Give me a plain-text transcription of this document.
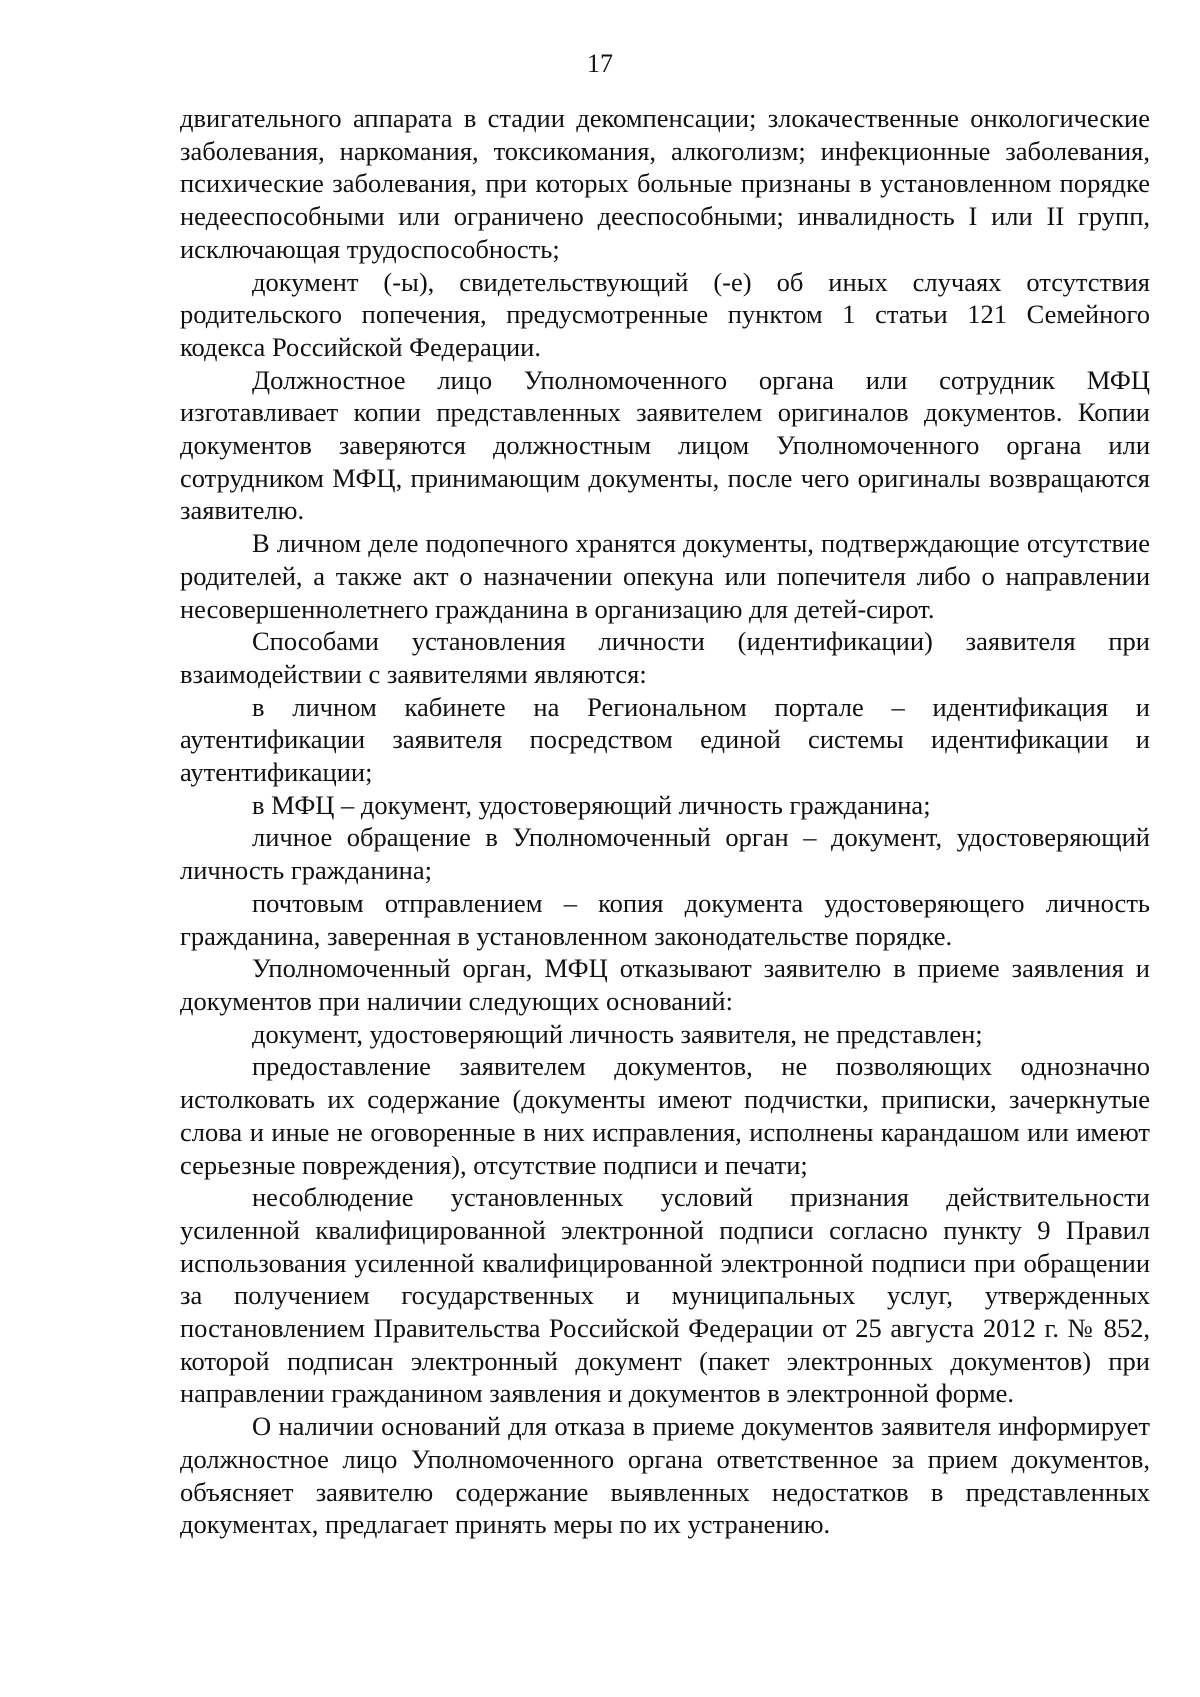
17

двигательного аппарата в стадии декомпенсации; злокачественные онкологические заболевания, наркомания, токсикомания, алкоголизм; инфекционные заболевания, психические заболевания, при которых больные признаны в установленном порядке недееспособными или ограничено дееспособными; инвалидность I или II групп, исключающая трудоспособность;

документ (-ы), свидетельствующий (-е) об иных случаях отсутствия родительского попечения, предусмотренные пунктом 1 статьи 121 Семейного кодекса Российской Федерации.

Должностное лицо Уполномоченного органа или сотрудник МФЦ изготавливает копии представленных заявителем оригиналов документов. Копии документов заверяются должностным лицом Уполномоченного органа или сотрудником МФЦ, принимающим документы, после чего оригиналы возвращаются заявителю.

В личном деле подопечного хранятся документы, подтверждающие отсутствие родителей, а также акт о назначении опекуна или попечителя либо о направлении несовершеннолетнего гражданина в организацию для детей-сирот.

Способами установления личности (идентификации) заявителя при взаимодействии с заявителями являются:

в личном кабинете на Региональном портале – идентификация и аутентификации заявителя посредством единой системы идентификации и аутентификации;

в МФЦ – документ, удостоверяющий личность гражданина;

личное обращение в Уполномоченный орган – документ, удостоверяющий личность гражданина;

почтовым отправлением – копия документа удостоверяющего личность гражданина, заверенная в установленном законодательстве порядке.

Уполномоченный орган, МФЦ отказывают заявителю в приеме заявления и документов при наличии следующих оснований:

документ, удостоверяющий личность заявителя, не представлен;

предоставление заявителем документов, не позволяющих однозначно истолковать их содержание (документы имеют подчистки, приписки, зачеркнутые слова и иные не оговоренные в них исправления, исполнены карандашом или имеют серьезные повреждения), отсутствие подписи и печати;

несоблюдение установленных условий признания действительности усиленной квалифицированной электронной подписи согласно пункту 9 Правил использования усиленной квалифицированной электронной подписи при обращении за получением государственных и муниципальных услуг, утвержденных постановлением Правительства Российской Федерации от 25 августа 2012 г. № 852, которой подписан электронный документ (пакет электронных документов) при направлении гражданином заявления и документов в электронной форме.

О наличии оснований для отказа в приеме документов заявителя информирует должностное лицо Уполномоченного органа ответственное за прием документов, объясняет заявителю содержание выявленных недостатков в представленных документах, предлагает принять меры по их устранению.
